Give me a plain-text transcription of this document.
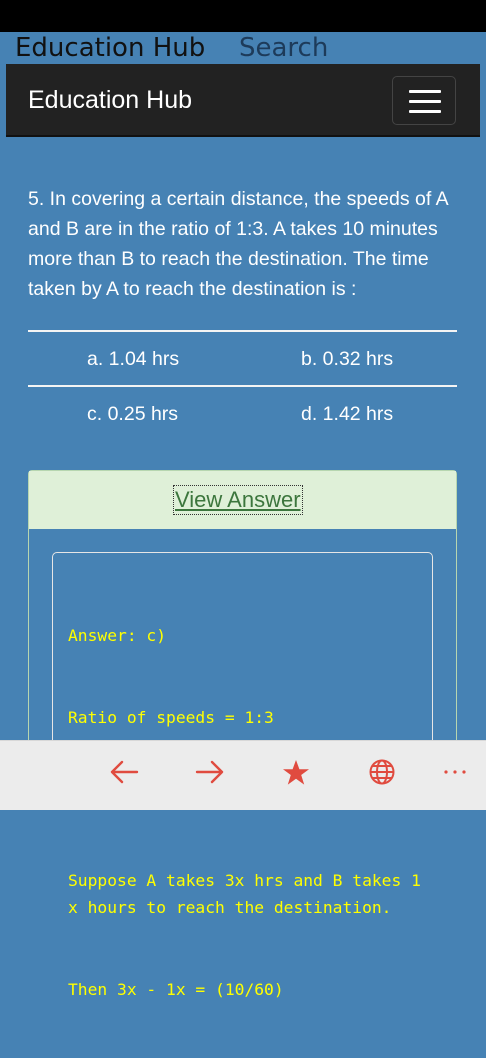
Education Hub Search
Education Hub

5. In covering a certain distance, the speeds of A and B are in the ratio of 1:3. A takes 10 minutes more than B to reach the destination. The time taken by A to reach the destination is :

a. 1.04 hrs	b. 0.32 hrs
c. 0.25 hrs	d. 1.42 hrs
View Answer

Answer: c)

Ratio of speeds = 1:3

Suppose A takes 3x hrs and B takes 1x hours to reach the destination.

Then 3x - 1x = (10/60)
